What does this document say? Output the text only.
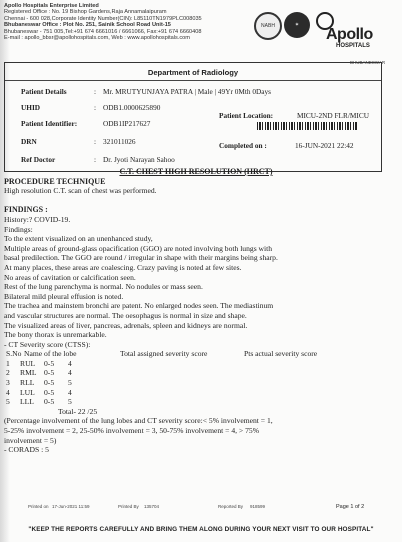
Apollo Hospitals Enterprise Limited
Registered Office : No. 19 Bishop Gardens,Raja Annamalaipuram
Chennai - 600 028,Corporate Identity Number(CIN): L85110TN1979PLC008035
Bhubaneswar Office : Plot No. 251, Sainik School Road Unit-15
Bhubaneswar - 751 005,Tel:+91 674 6661016 / 6661066, Fax:+91 674 6660408
E-mail : apollo_bbsr@apollohospitals.com, Web : www.apollohospitals.com
NABH	✶
Apollo
HOSPITALS
BHUBANESWAR
Department of Radiology
Patient Details	: Mr. MRUTYUNJAYA PATRA | Male | 49Yr 0Mth 0Days
UHID	: ODB1.0000625890
Patient Identifier:	ODB1IP217627
Patient Location:	MICU-2ND FLR/MICU
DRN	: 321011026	Completed on :	16-JUN-2021 22:42
Ref Doctor	: Dr. Jyoti Narayan Sahoo
C.T. CHEST HIGH RESOLUTION (HRCT)

PROCEDURE TECHNIQUE

High resolution C.T. scan of chest was performed.

FINDINGS :

History:? COVID-19.

Findings:

To the extent visualized on an unenhanced study,

Multiple areas of ground-glass opacification (GGO) are noted involving both lungs with

basal predilection. The GGO are round / irregular in shape with their margins being sharp.

At many places, these areas are coalescing. Crazy paving is noted at few sites.

No areas of cavitation or calcification seen.

Rest of the lung parenchyma is normal. No nodules or mass seen.

Bilateral mild pleural effusion is noted.

The trachea and mainstem bronchi are patent. No enlarged nodes seen. The mediastinum

and vascular structures are normal. The oesophagus is normal in size and shape.

The visualized areas of liver, pancreas, adrenals, spleen and kidneys are normal.

The bony thorax is unremarkable.

- CT Severity score (CTSS):

S.No Name of the lobe	Total assigned severity score	Pts actual severity score
1 RUL 0-5 4
2 RML 0-5 4
3 RLL 0-5 5
4 LUL 0-5 4
5 LLL 0-5 5

Total- 22 /25

(Percentage involvement of the lung lobes and CT severity score:< 5% involvement = 1,

5-25% involvement = 2, 25-50% involvement = 3, 50-75% involvement = 4, > 75%

involvement = 5)

- CORADS : 5

Printed on 17-Jun-2021 11:59	Printed By 135704	Reported By 918599	Page 1 of 2
"KEEP THE REPORTS CAREFULLY AND BRING THEM ALONG DURING YOUR NEXT VISIT TO OUR HOSPITAL"
